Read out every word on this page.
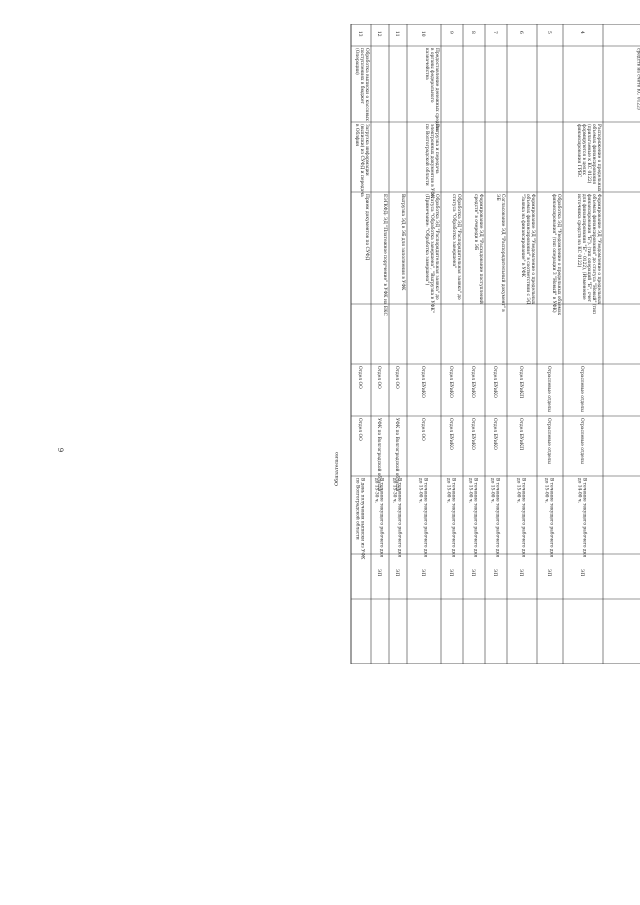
9
средств на счете КС 0122)
4
Распоряжение о предельныхобъемах финансирования(прилагаемые к КС 0122)формируются в целяхфинансирования ГРБС
Формирование ЭД "Уведомление о предельныхобъемах финансирования" до статуса "Новый" (типфинансирования "Б"). (тип операций "Б", счетдля финансирования "Б" - 0122), (Изменениеисточника средств на КС 0122)
Отраслевые отделы
Отраслевые отделы
В течение текущего рабочего днядо 14-00 ч.
ЭП
5
Обработка ЭД "Уведомление о предельных объемахфинансирования" (тип операции 3 "Новый" в УФК)
Отраслевые отделы
Отраслевые отделы
В течение текущего рабочего днядо 15-00 ч.
ЭП
6
Формирование ЭД "Уведомление о предельныхобъемах финансирования" в соответствии с ЭД"Заявка на финансирование" в УФК
Отдел БУиКП
Отдел БУиКП
В течение текущего рабочего днядо 15-00 ч.
ЭП
7
Согласование ЭД "Распорядительный документ" вЭБ
Отдел БУиКО
Отдел БУиКО
В течение текущего рабочего днядо 15-00 ч.
ЭП
8
Формирование ЭД "Расходование поступленийсредств" в очереди в ЭБ
Отдел БУиКО
Отдел БУиКО
В течение текущего рабочего днядо 15-00 ч.
ЭП
9
Обработка ЭД "Распорядительная заявка" достатуса "Обработка завершена"
Отдел БУиКО
Отдел БУиКО
В течение текущего рабочего днядо 15-00 ч.
ЭП
10
Предоставление денежных средствв органы федеральногоказначейства
Выгрузка и передачаэлектронных документов в УФКпо Волгоградской области
Обработка ЭД "Распорядительная заявка" достатуса "Обработка завершена", "Выгрузка в УФК"(Примечание: "Обработка завершена")
Отдел БУиКО
Отдел ОО
В течение текущего рабочего днядо 15-00 ч.
ЭП
11
Выгрузка ЭД в ЭБ для заполнения в УФК
Отдел ОО
УФК по Волгоградской области
В течение текущего рабочего днядо 15-30 ч.
ЭП
12
ЕЭГКФД: ЭД "Платежное поручение" в УФК на ЕКС
Отдел ОО
УФК по Волгоградской области
В течение текущего рабочего днядо 15-30 ч.
ЭП
13
Обработка выписки о кассовыхпоступлениях в бюджет(Операции)
Загрузка информации(выписки) из СУФД и передачав Облфин
Прием документов по СУФД
Отдел ОО
Отдел ОО
В день получения выписки из УФКпо Волгоградской области
Обязательно
